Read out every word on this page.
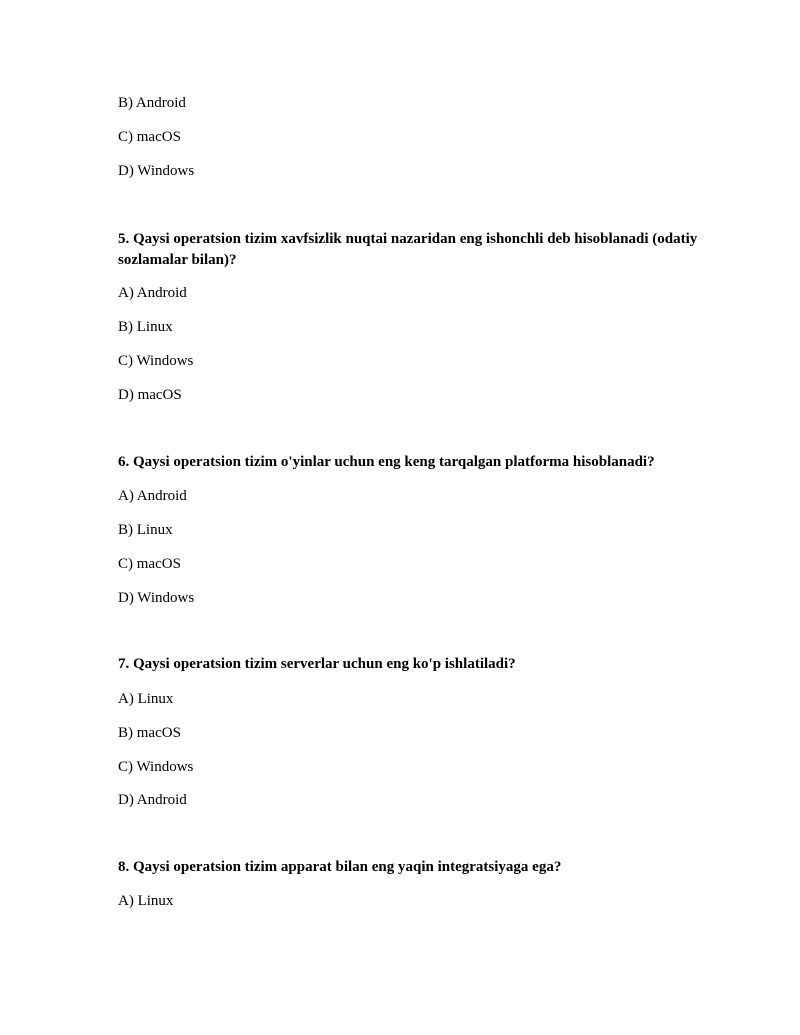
B) Android
C) macOS
D) Windows
5. Qaysi operatsion tizim xavfsizlik nuqtai nazaridan eng ishonchli deb hisoblanadi (odatiy sozlamalar bilan)?
A) Android
B) Linux
C) Windows
D) macOS
6. Qaysi operatsion tizim o'yinlar uchun eng keng tarqalgan platforma hisoblanadi?
A) Android
B) Linux
C) macOS
D) Windows
7. Qaysi operatsion tizim serverlar uchun eng ko'p ishlatiladi?
A) Linux
B) macOS
C) Windows
D) Android
8. Qaysi operatsion tizim apparat bilan eng yaqin integratsiyaga ega?
A) Linux
